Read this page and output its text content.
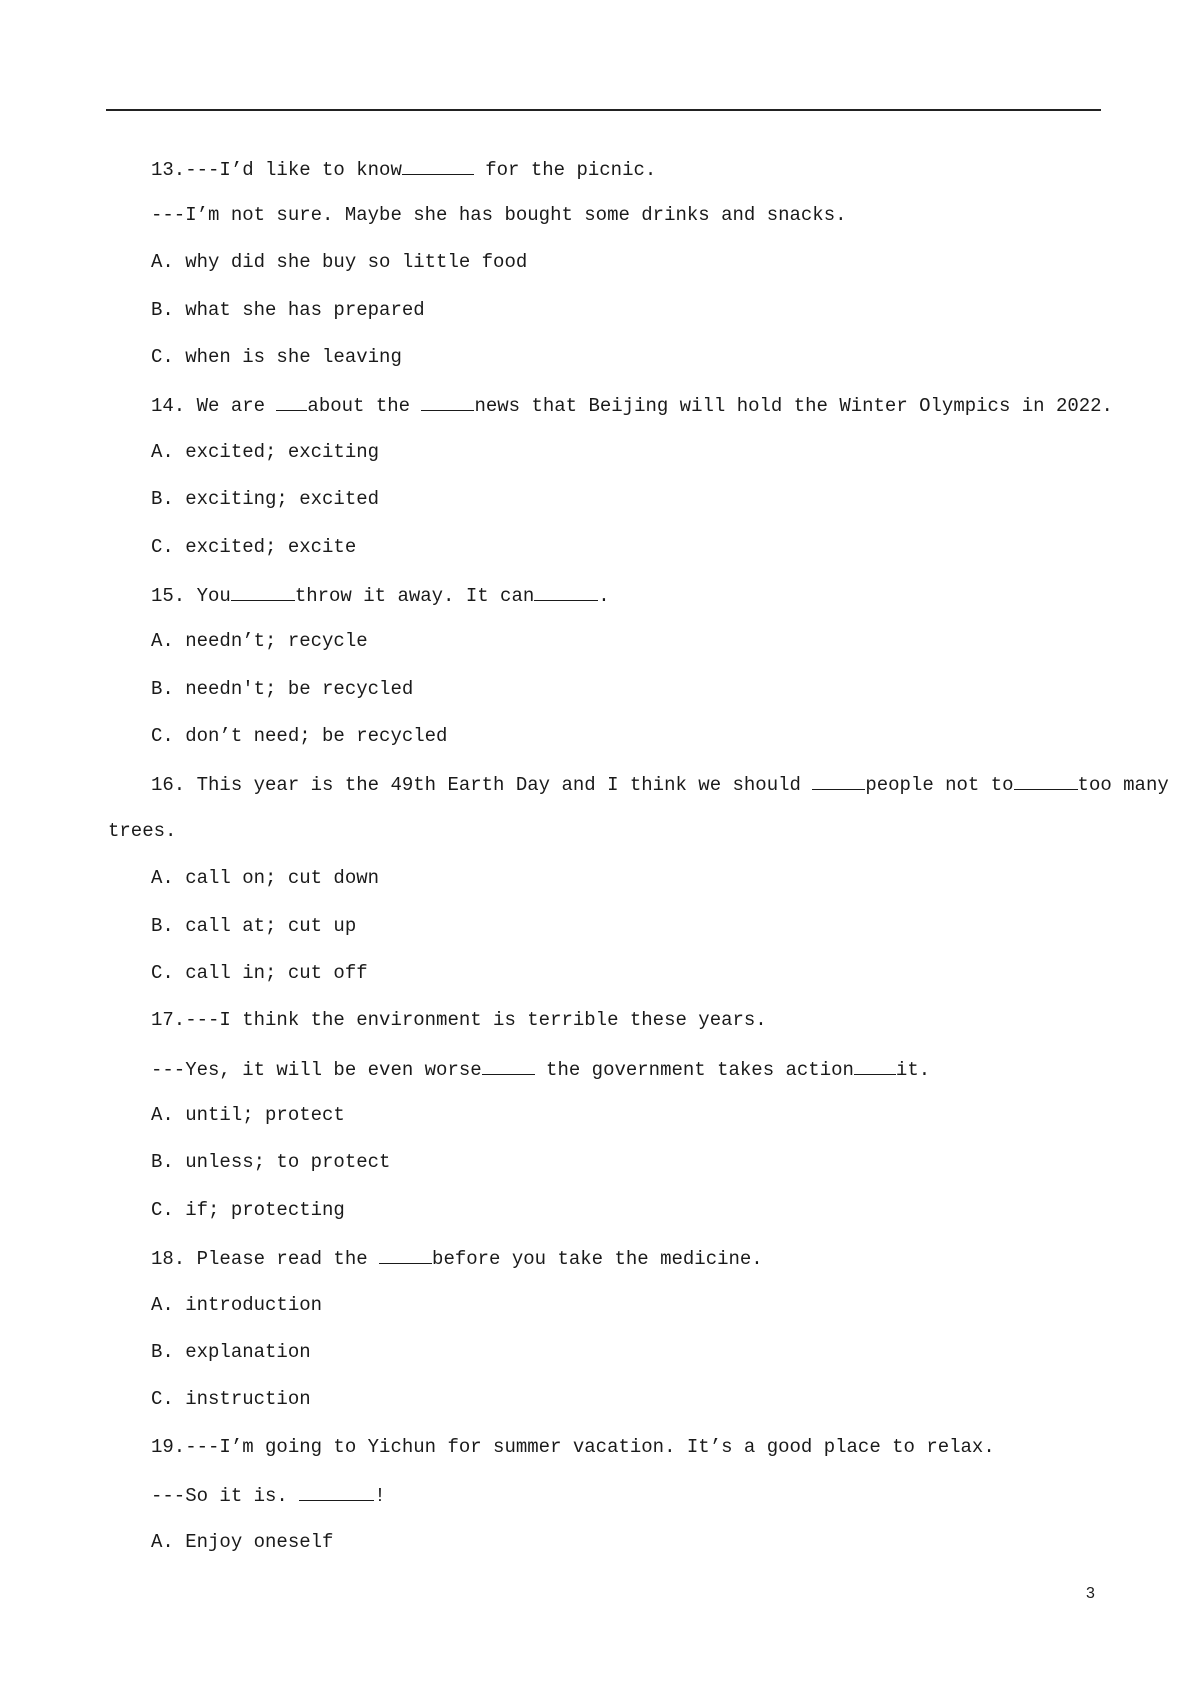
13.---I’d like to know	for the picnic.
---I’m not sure. Maybe she has bought some drinks and snacks.
A. why did she buy so little food
B. what she has prepared
C. when is she leaving
14. We are about the	news that Beijing will hold the Winter Olympics in 2022.
A. excited; exciting
B. exciting; excited
C. excited; excite
15. You	throw it away. It can	.
A. needn’t; recycle
B. needn't; be recycled
C. don’t need; be recycled
16. This year is the 49th Earth Day and I think we should	people not to	too many
trees.
A. call on; cut down
B. call at; cut up
C. call in; cut off
17.---I think the environment is terrible these years.
---Yes, it will be even worse	the government takes action it.
A. until; protect
B. unless; to protect
C. if; protecting
18. Please read the	before you take the medicine.
A. introduction
B. explanation
C. instruction
19.---I’m going to Yichun for summer vacation. It’s a good place to relax.
---So it is.	!
A. Enjoy oneself
3
